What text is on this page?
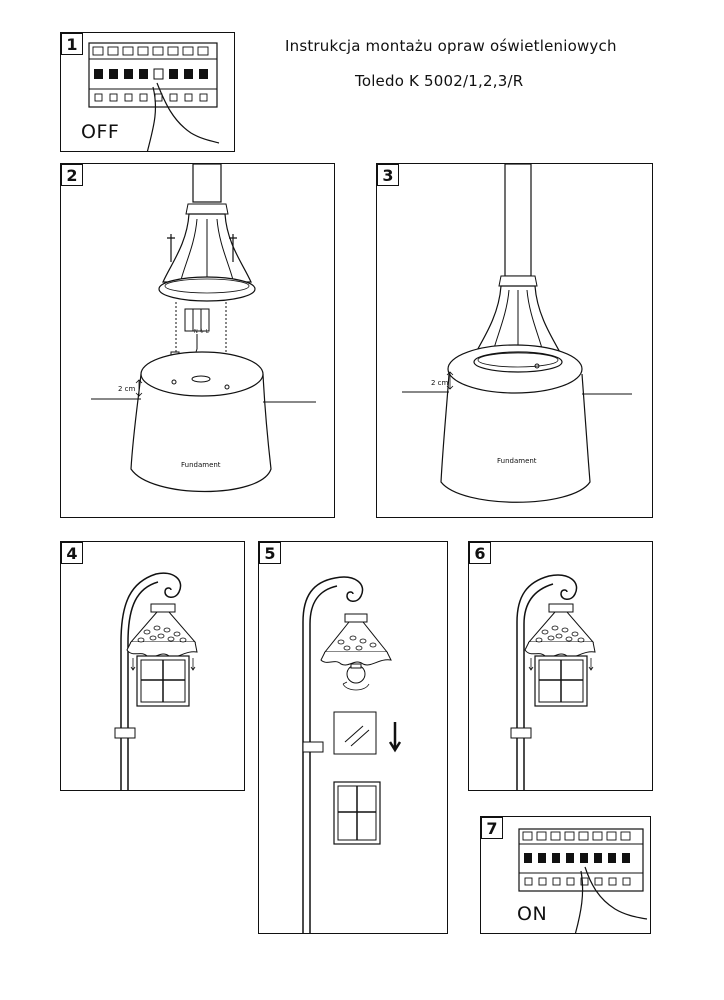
Instrukcja montażu opraw oświetleniowych
Toledo K 5002/1,2,3/R
1
OFF
2
N ⏚ L
2 cm
Fundament
3
2 cm
Fundament
4	5	6
7
ON
